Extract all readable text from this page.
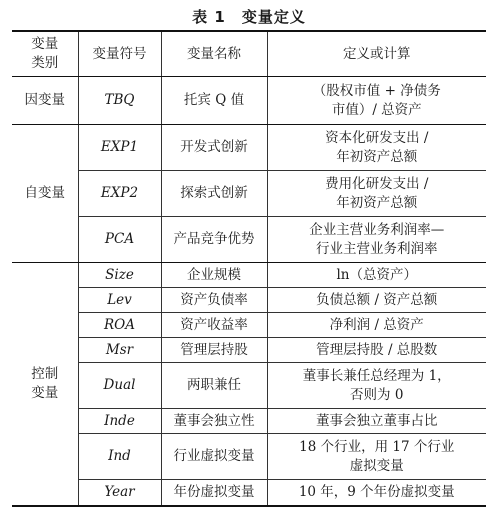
表 1　变量定义
变量
类别	变量符号	变量名称	定义或计算
因变量	TBQ	托宾 Q 值	（股权市值 + 净债务
市值）/ 总资产
自变量	EXP1	开发式创新	资本化研发支出 /
年初资产总额
	EXP2	探索式创新	费用化研发支出 /
年初资产总额
	PCA	产品竞争优势	企业主营业务利润率—
行业主营业务利润率
控制
变量	Size	企业规模	ln（总资产）
	Lev	资产负债率	负债总额 / 资产总额
	ROA	资产收益率	净利润 / 总资产
	Msr	管理层持股	管理层持股 / 总股数
	Dual	两职兼任	董事长兼任总经理为 1，
否则为 0
	Inde	董事会独立性	董事会独立董事占比
	Ind	行业虚拟变量	18 个行业，用 17 个行业
虚拟变量
	Year	年份虚拟变量	10 年，9 个年份虚拟变量
